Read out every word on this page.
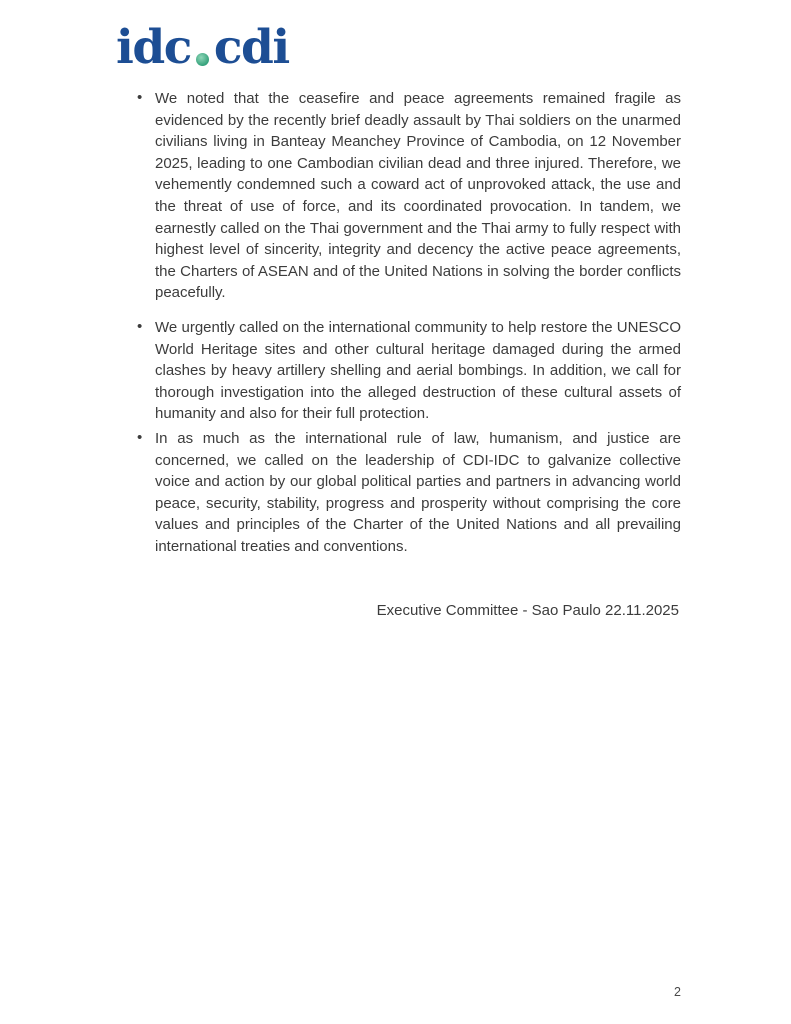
idc cdi
• We noted that the ceasefire and peace agreements remained fragile as evidenced by the recently brief deadly assault by Thai soldiers on the unarmed civilians living in Banteay Meanchey Province of Cambodia, on 12 November 2025, leading to one Cambodian civilian dead and three injured. Therefore, we vehemently condemned such a coward act of unprovoked attack, the use and the threat of use of force, and its coordinated provocation. In tandem, we earnestly called on the Thai government and the Thai army to fully respect with highest level of sincerity, integrity and decency the active peace agreements, the Charters of ASEAN and of the United Nations in solving the border conflicts peacefully.
• We urgently called on the international community to help restore the UNESCO World Heritage sites and other cultural heritage damaged during the armed clashes by heavy artillery shelling and aerial bombings. In addition, we call for thorough investigation into the alleged destruction of these cultural assets of humanity and also for their full protection.
• In as much as the international rule of law, humanism, and justice are concerned, we called on the leadership of CDI-IDC to galvanize collective voice and action by our global political parties and partners in advancing world peace, security, stability, progress and prosperity without comprising the core values and principles of the Charter of the United Nations and all prevailing international treaties and conventions.
Executive Committee - Sao Paulo 22.11.2025
2
